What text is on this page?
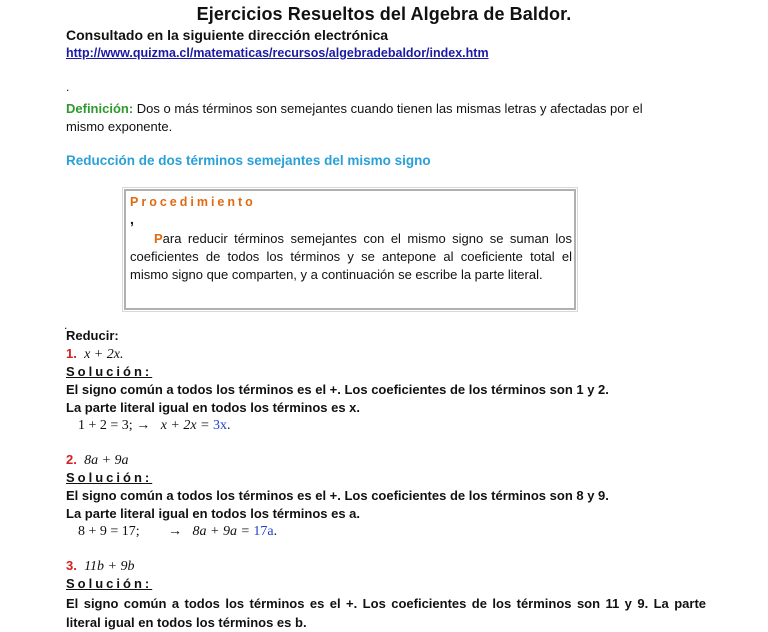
Ejercicios Resueltos del Algebra de Baldor.
Consultado en la siguiente dirección electrónica
http://www.quizma.cl/matematicas/recursos/algebradebaldor/index.htm
.
Definición: Dos o más términos son semejantes cuando tienen las mismas letras y afectadas por el mismo exponente.
Reducción de dos términos semejantes del mismo signo
Procedimiento
,
Para reducir términos semejantes con el mismo signo se suman los coeficientes de todos los términos y se antepone al coeficiente total el mismo signo que comparten, y a continuación se escribe la parte literal.
.
Reducir:
1. x + 2x.
Solución:
El signo común a todos los términos es el +. Los coeficientes de los términos son 1 y 2.
La parte literal igual en todos los términos es x.
1 + 2 = 3; → x + 2x = 3x.
2. 8a + 9a
Solución:
El signo común a todos los términos es el +. Los coeficientes de los términos son 8 y 9.
La parte literal igual en todos los términos es a.
8 + 9 = 17; → 8a + 9a = 17a.
3. 11b + 9b
Solución:
El signo común a todos los términos es el +. Los coeficientes de los términos son 11 y 9. La parte literal igual en todos los términos es b.
